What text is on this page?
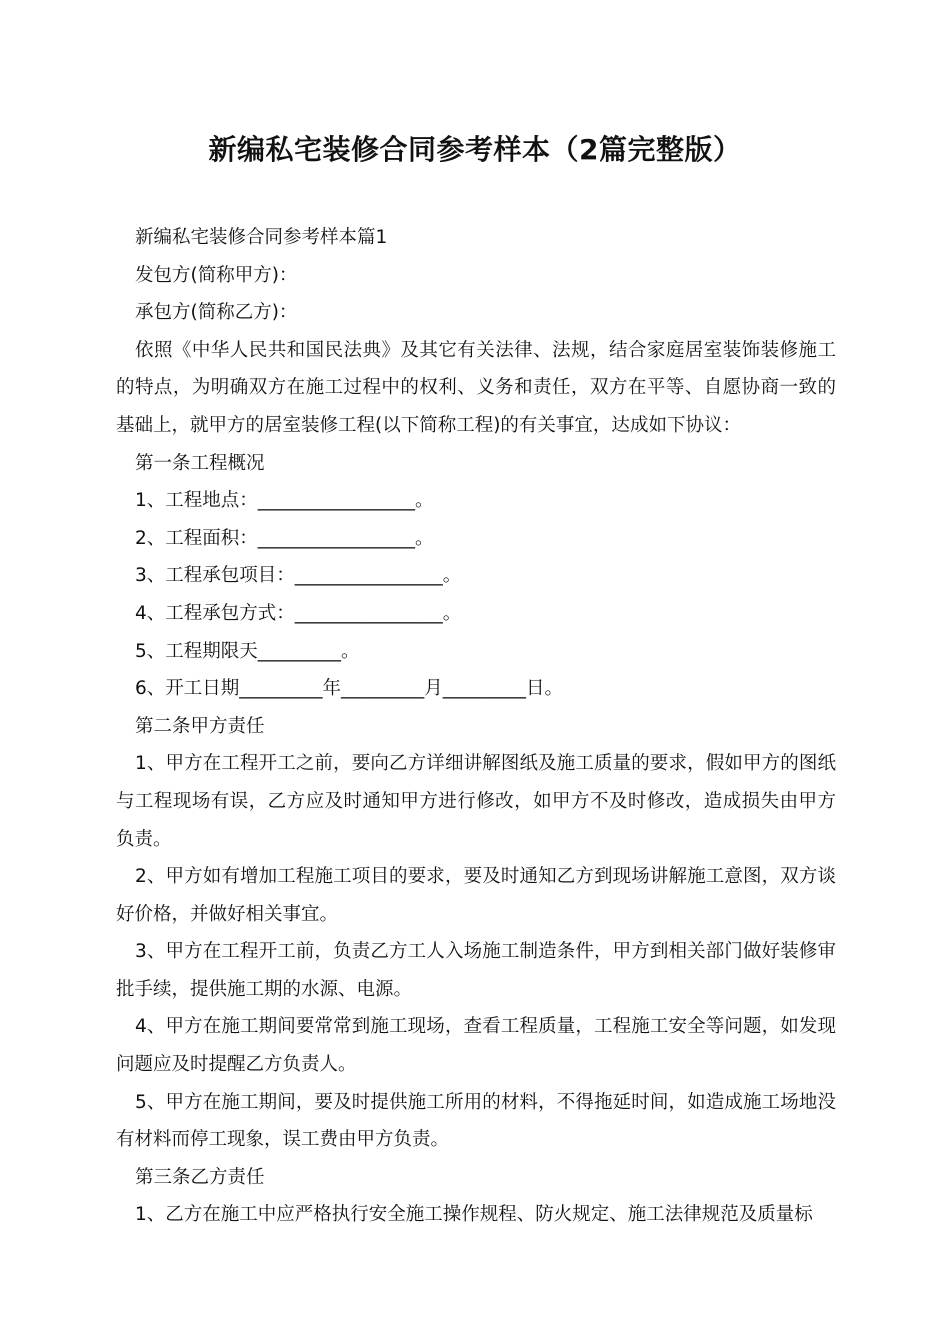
新编私宅装修合同参考样本（2篇完整版）

新编私宅装修合同参考样本篇1

发包方(简称甲方)：

承包方(简称乙方)：

依照《中华人民共和国民法典》及其它有关法律、法规，结合家庭居室装饰装修施工的特点，为明确双方在施工过程中的权利、义务和责任，双方在平等、自愿协商一致的基础上，就甲方的居室装修工程(以下简称工程)的有关事宜，达成如下协议：

第一条工程概况

1、工程地点：_________________。

2、工程面积：_________________。

3、工程承包项目：________________。

4、工程承包方式：________________。

5、工程期限天_________。

6、开工日期_________年_________月_________日。

第二条甲方责任

1、甲方在工程开工之前，要向乙方详细讲解图纸及施工质量的要求，假如甲方的图纸与工程现场有误，乙方应及时通知甲方进行修改，如甲方不及时修改，造成损失由甲方负责。

2、甲方如有增加工程施工项目的要求，要及时通知乙方到现场讲解施工意图，双方谈好价格，并做好相关事宜。

3、甲方在工程开工前，负责乙方工人入场施工制造条件，甲方到相关部门做好装修审批手续，提供施工期的水源、电源。

4、甲方在施工期间要常常到施工现场，查看工程质量，工程施工安全等问题，如发现问题应及时提醒乙方负责人。

5、甲方在施工期间，要及时提供施工所用的材料，不得拖延时间，如造成施工场地没有材料而停工现象，误工费由甲方负责。

第三条乙方责任

1、乙方在施工中应严格执行安全施工操作规程、防火规定、施工法律规范及质量标
